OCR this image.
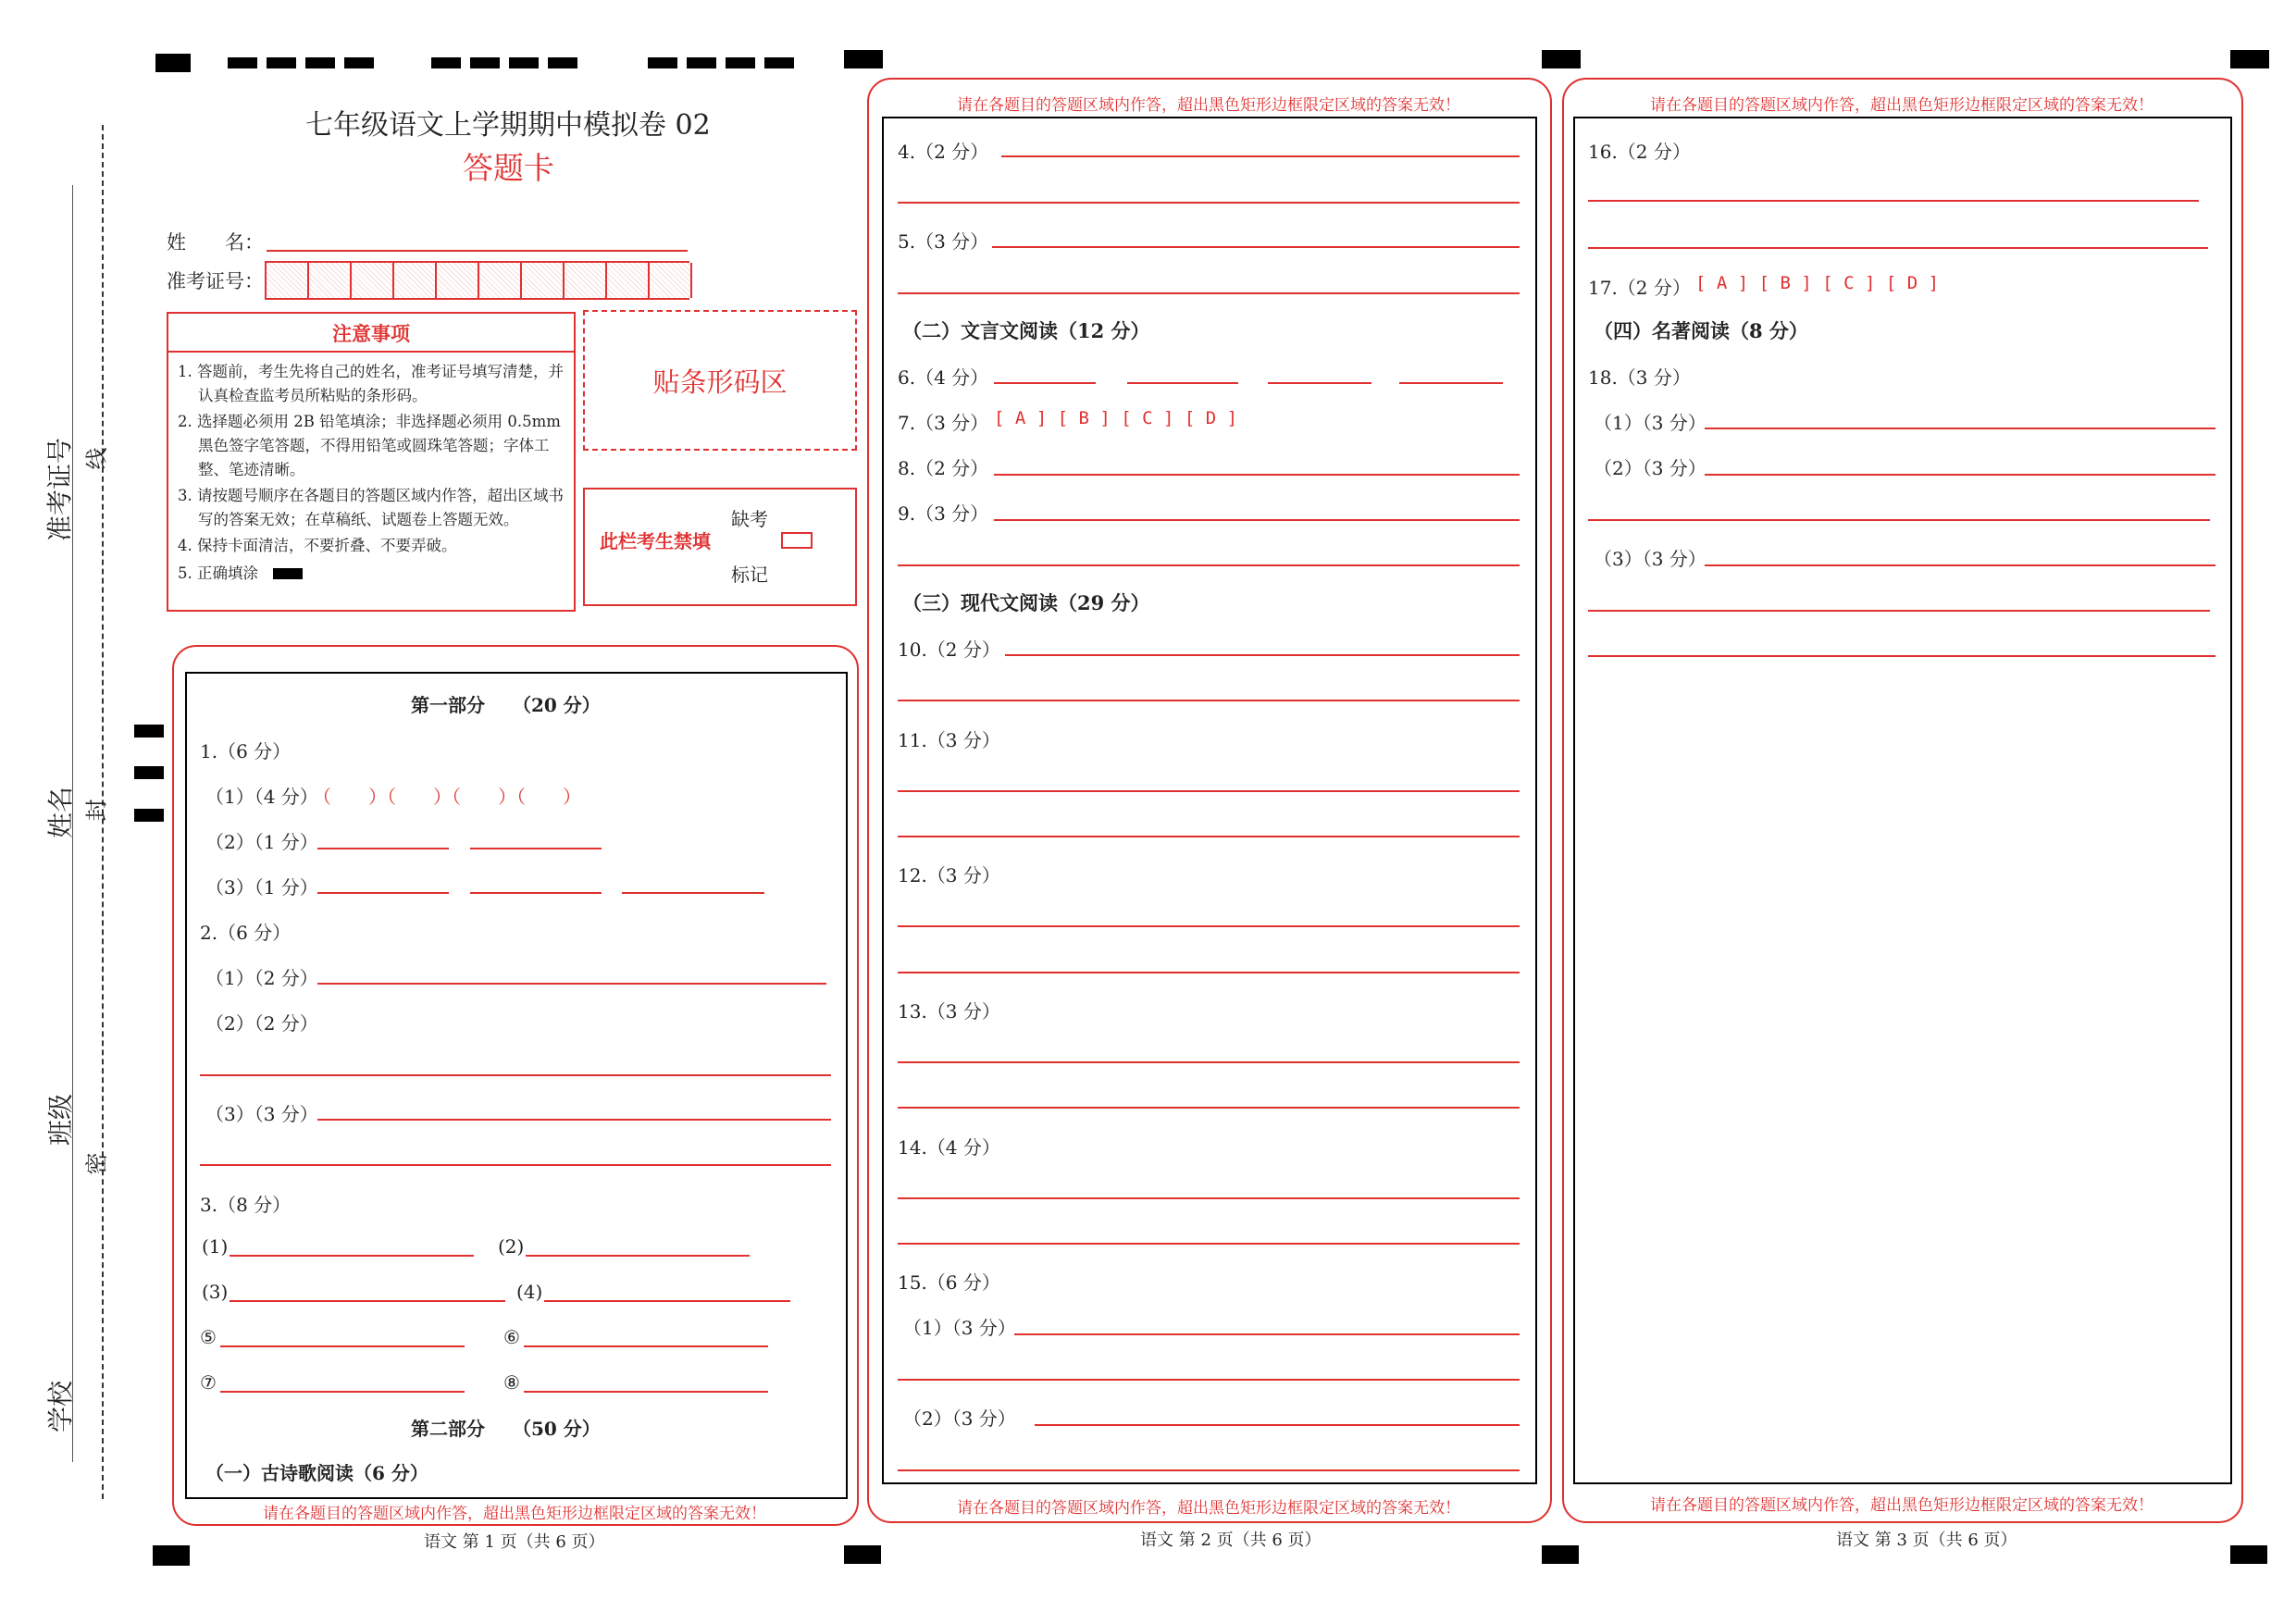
准考证号 线
姓名 封
班级
密
学校
七年级语文上学期期中模拟卷 02
答题卡
姓　　名：
准考证号：
注意事项
1. 答题前，考生先将自己的姓名，准考证号填写清楚，并认真检查监考员所粘贴的条形码。
2. 选择题必须用 2B 铅笔填涂；非选择题必须用 0.5mm 黑色签字笔答题，不得用铅笔或圆珠笔答题；字体工整、笔迹清晰。
3. 请按题号顺序在各题目的答题区域内作答，超出区域书写的答案无效；在草稿纸、试题卷上答题无效。
4. 保持卡面清洁，不要折叠、不要弄破。
5. 正确填涂
贴条形码区
此栏考生禁填
缺考
标记
请在各题目的答题区域内作答，超出黑色矩形边框限定区域的答案无效！
语文 第 1 页（共 6 页）
第一部分　　（20 分）
1.（6 分）
（1）（4 分）
（　　）（　　）（　　）（　　）
（2）（1 分）
（3）（1 分）
2.（6 分）
（1）（2 分）
（2）（2 分）
（3）（3 分）
3.（8 分）
(1)	(2)
(3)	(4)
⑤	⑥
⑦	⑧
第二部分　　（50 分）
（一）古诗歌阅读（6 分）
请在各题目的答题区域内作答，超出黑色矩形边框限定区域的答案无效！
请在各题目的答题区域内作答，超出黑色矩形边框限定区域的答案无效！
语文 第 2 页（共 6 页）
4.（2 分）
5.（3 分）
（二）文言文阅读（12 分）
6.（4 分）
7.（3 分） [ A ] [ B ] [ C ] [ D ]
8.（2 分）
9.（3 分）
（三）现代文阅读（29 分）
10.（2 分）
11.（3 分）
12.（3 分）
13.（3 分）
14.（4 分）
15.（6 分）
（1）（3 分）
（2）（3 分）
请在各题目的答题区域内作答，超出黑色矩形边框限定区域的答案无效！
请在各题目的答题区域内作答，超出黑色矩形边框限定区域的答案无效！
语文 第 3 页（共 6 页）
16.（2 分）
17.（2 分） [ A ] [ B ] [ C ] [ D ]
（四）名著阅读（8 分）
18.（3 分）
（1）（3 分）
（2）（3 分）
（3）（3 分）
